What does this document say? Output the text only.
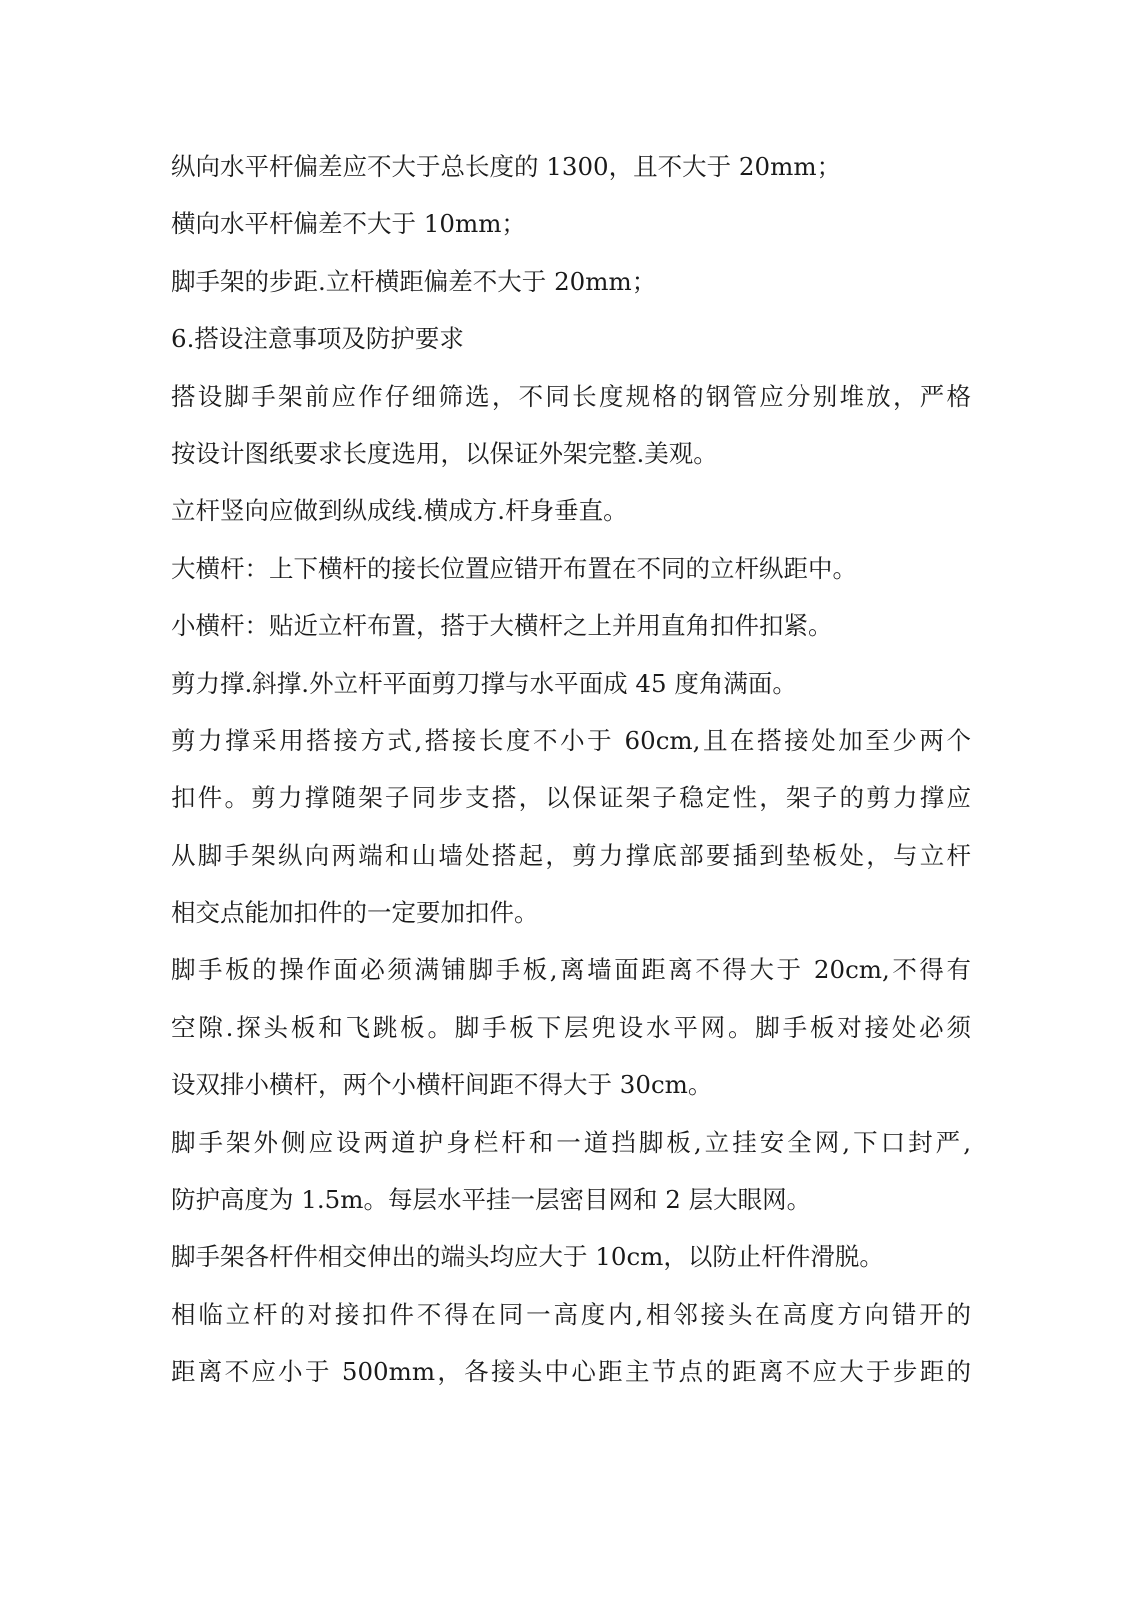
纵向水平杆偏差应不大于总长度的 1300，且不大于 20mm；
横向水平杆偏差不大于 10mm；
脚手架的步距.立杆横距偏差不大于 20mm；
6.搭设注意事项及防护要求
搭设脚手架前应作仔细筛选，不同长度规格的钢管应分别堆放，严格
按设计图纸要求长度选用，以保证外架完整.美观。
立杆竖向应做到纵成线.横成方.杆身垂直。
大横杆：上下横杆的接长位置应错开布置在不同的立杆纵距中。
小横杆：贴近立杆布置，搭于大横杆之上并用直角扣件扣紧。
剪力撑.斜撑.外立杆平面剪刀撑与水平面成 45 度角满面。
剪力撑采用搭接方式,搭接长度不小于 60cm,且在搭接处加至少两个
扣件。剪力撑随架子同步支搭，以保证架子稳定性，架子的剪力撑应
从脚手架纵向两端和山墙处搭起，剪力撑底部要插到垫板处，与立杆
相交点能加扣件的一定要加扣件。
脚手板的操作面必须满铺脚手板,离墙面距离不得大于 20cm,不得有
空隙.探头板和飞跳板。脚手板下层兜设水平网。脚手板对接处必须
设双排小横杆，两个小横杆间距不得大于 30cm。
脚手架外侧应设两道护身栏杆和一道挡脚板,立挂安全网,下口封严,
防护高度为 1.5m。每层水平挂一层密目网和 2 层大眼网。
脚手架各杆件相交伸出的端头均应大于 10cm，以防止杆件滑脱。
相临立杆的对接扣件不得在同一高度内,相邻接头在高度方向错开的
距离不应小于 500mm，各接头中心距主节点的距离不应大于步距的
